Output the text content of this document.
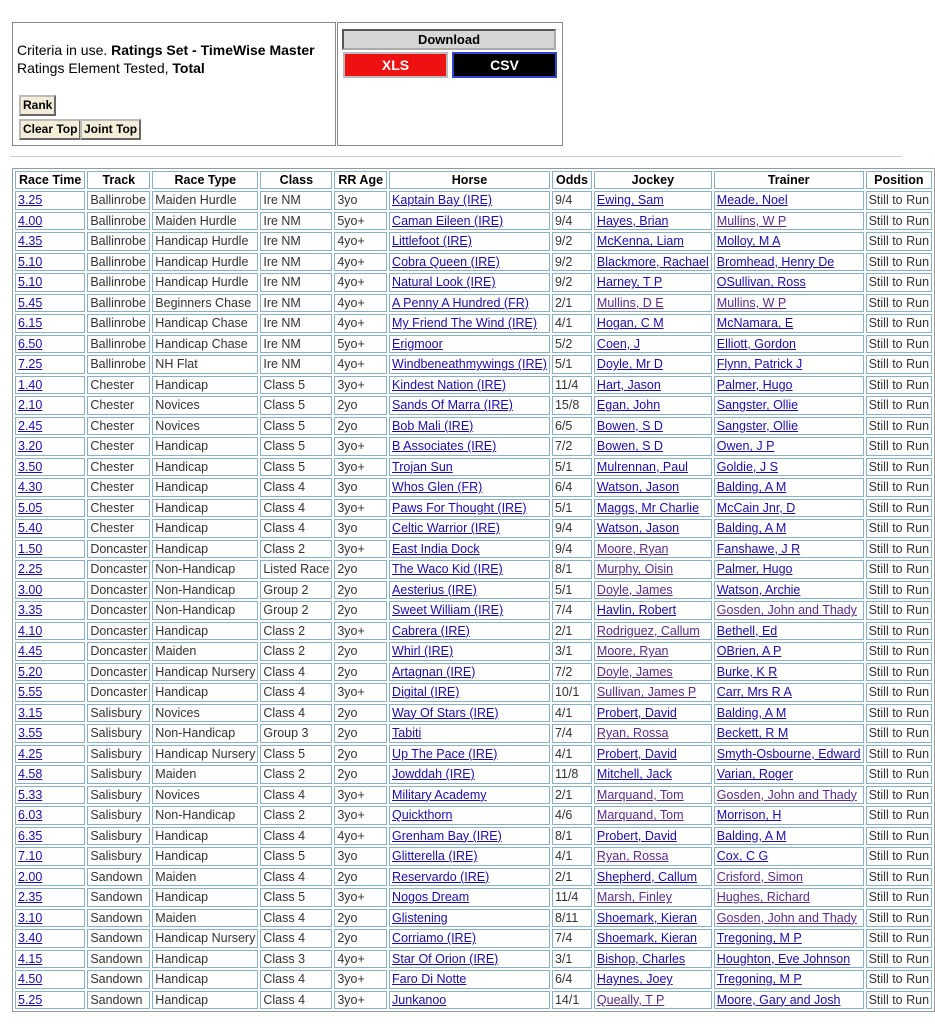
Criteria in use. Ratings Set - TimeWise Master
Ratings Element Tested, Total
Rank
Clear Top Joint Top
Download
XLS	CSV
Race Time	Track	Race Type	Class	RR Age	Horse	Odds	Jockey	Trainer	Position
3.25	Ballinrobe	Maiden Hurdle	Ire NM	3yo	Kaptain Bay (IRE)	9/4	Ewing, Sam	Meade, Noel	Still to Run
4.00	Ballinrobe	Maiden Hurdle	Ire NM	5yo+	Caman Eileen (IRE)	9/4	Hayes, Brian	Mullins, W P	Still to Run
4.35	Ballinrobe	Handicap Hurdle	Ire NM	4yo+	Littlefoot (IRE)	9/2	McKenna, Liam	Molloy, M A	Still to Run
5.10	Ballinrobe	Handicap Hurdle	Ire NM	4yo+	Cobra Queen (IRE)	9/2	Blackmore, Rachael	Bromhead, Henry De	Still to Run
5.10	Ballinrobe	Handicap Hurdle	Ire NM	4yo+	Natural Look (IRE)	9/2	Harney, T P	OSullivan, Ross	Still to Run
5.45	Ballinrobe	Beginners Chase	Ire NM	4yo+	A Penny A Hundred (FR)	2/1	Mullins, D E	Mullins, W P	Still to Run
6.15	Ballinrobe	Handicap Chase	Ire NM	4yo+	My Friend The Wind (IRE)	4/1	Hogan, C M	McNamara, E	Still to Run
6.50	Ballinrobe	Handicap Chase	Ire NM	5yo+	Erigmoor	5/2	Coen, J	Elliott, Gordon	Still to Run
7.25	Ballinrobe	NH Flat	Ire NM	4yo+	Windbeneathmywings (IRE)	5/1	Doyle, Mr D	Flynn, Patrick J	Still to Run
1.40	Chester	Handicap	Class 5	3yo+	Kindest Nation (IRE)	11/4	Hart, Jason	Palmer, Hugo	Still to Run
2.10	Chester	Novices	Class 5	2yo	Sands Of Marra (IRE)	15/8	Egan, John	Sangster, Ollie	Still to Run
2.45	Chester	Novices	Class 5	2yo	Bob Mali (IRE)	6/5	Bowen, S D	Sangster, Ollie	Still to Run
3.20	Chester	Handicap	Class 5	3yo+	B Associates (IRE)	7/2	Bowen, S D	Owen, J P	Still to Run
3.50	Chester	Handicap	Class 5	3yo+	Trojan Sun	5/1	Mulrennan, Paul	Goldie, J S	Still to Run
4.30	Chester	Handicap	Class 4	3yo	Whos Glen (FR)	6/4	Watson, Jason	Balding, A M	Still to Run
5.05	Chester	Handicap	Class 4	3yo+	Paws For Thought (IRE)	5/1	Maggs, Mr Charlie	McCain Jnr, D	Still to Run
5.40	Chester	Handicap	Class 4	3yo	Celtic Warrior (IRE)	9/4	Watson, Jason	Balding, A M	Still to Run
1.50	Doncaster	Handicap	Class 2	3yo+	East India Dock	9/4	Moore, Ryan	Fanshawe, J R	Still to Run
2.25	Doncaster	Non-Handicap	Listed Race	2yo	The Waco Kid (IRE)	8/1	Murphy, Oisin	Palmer, Hugo	Still to Run
3.00	Doncaster	Non-Handicap	Group 2	2yo	Aesterius (IRE)	5/1	Doyle, James	Watson, Archie	Still to Run
3.35	Doncaster	Non-Handicap	Group 2	2yo	Sweet William (IRE)	7/4	Havlin, Robert	Gosden, John and Thady	Still to Run
4.10	Doncaster	Handicap	Class 2	3yo+	Cabrera (IRE)	2/1	Rodriguez, Callum	Bethell, Ed	Still to Run
4.45	Doncaster	Maiden	Class 2	2yo	Whirl (IRE)	3/1	Moore, Ryan	OBrien, A P	Still to Run
5.20	Doncaster	Handicap Nursery	Class 4	2yo	Artagnan (IRE)	7/2	Doyle, James	Burke, K R	Still to Run
5.55	Doncaster	Handicap	Class 4	3yo+	Digital (IRE)	10/1	Sullivan, James P	Carr, Mrs R A	Still to Run
3.15	Salisbury	Novices	Class 4	2yo	Way Of Stars (IRE)	4/1	Probert, David	Balding, A M	Still to Run
3.55	Salisbury	Non-Handicap	Group 3	2yo	Tabiti	7/4	Ryan, Rossa	Beckett, R M	Still to Run
4.25	Salisbury	Handicap Nursery	Class 5	2yo	Up The Pace (IRE)	4/1	Probert, David	Smyth-Osbourne, Edward	Still to Run
4.58	Salisbury	Maiden	Class 2	2yo	Jowddah (IRE)	11/8	Mitchell, Jack	Varian, Roger	Still to Run
5.33	Salisbury	Novices	Class 4	3yo+	Military Academy	2/1	Marquand, Tom	Gosden, John and Thady	Still to Run
6.03	Salisbury	Non-Handicap	Class 2	3yo+	Quickthorn	4/6	Marquand, Tom	Morrison, H	Still to Run
6.35	Salisbury	Handicap	Class 4	4yo+	Grenham Bay (IRE)	8/1	Probert, David	Balding, A M	Still to Run
7.10	Salisbury	Handicap	Class 5	3yo	Glitterella (IRE)	4/1	Ryan, Rossa	Cox, C G	Still to Run
2.00	Sandown	Maiden	Class 4	2yo	Reservardo (IRE)	2/1	Shepherd, Callum	Crisford, Simon	Still to Run
2.35	Sandown	Handicap	Class 5	3yo+	Nogos Dream	11/4	Marsh, Finley	Hughes, Richard	Still to Run
3.10	Sandown	Maiden	Class 4	2yo	Glistening	8/11	Shoemark, Kieran	Gosden, John and Thady	Still to Run
3.40	Sandown	Handicap Nursery	Class 4	2yo	Corriamo (IRE)	7/4	Shoemark, Kieran	Tregoning, M P	Still to Run
4.15	Sandown	Handicap	Class 3	4yo+	Star Of Orion (IRE)	3/1	Bishop, Charles	Houghton, Eve Johnson	Still to Run
4.50	Sandown	Handicap	Class 4	3yo+	Faro Di Notte	6/4	Haynes, Joey	Tregoning, M P	Still to Run
5.25	Sandown	Handicap	Class 4	3yo+	Junkanoo	14/1	Queally, T P	Moore, Gary and Josh	Still to Run
